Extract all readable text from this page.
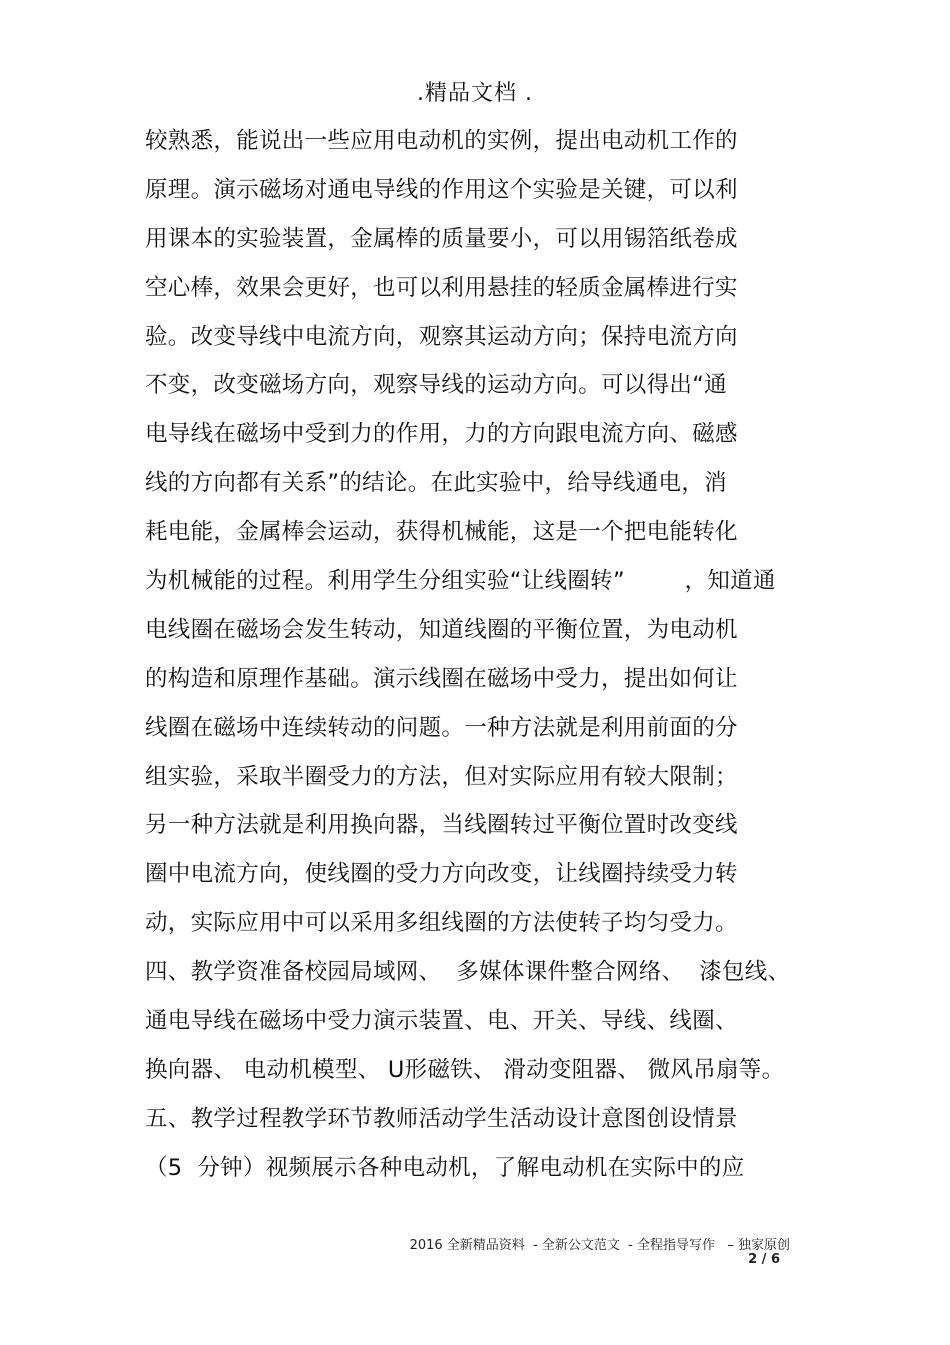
.精品文档 .
较熟悉，能说出一些应用电动机的实例，提出电动机工作的
原理。演示磁场对通电导线的作用这个实验是关键，可以利
用课本的实验装置，金属棒的质量要小，可以用锡箔纸卷成
空心棒，效果会更好，也可以利用悬挂的轻质金属棒进行实
验。改变导线中电流方向，观察其运动方向；保持电流方向
不变，改变磁场方向，观察导线的运动方向。可以得出“通
电导线在磁场中受到力的作用，力的方向跟电流方向、磁感
线的方向都有关系”的结论。在此实验中，给导线通电，消
耗电能，金属棒会运动，获得机械能，这是一个把电能转化
为机械能的过程。利用学生分组实验“让线圈转”        ，知道通
电线圈在磁场会发生转动，知道线圈的平衡位置，为电动机
的构造和原理作基础。演示线圈在磁场中受力，提出如何让
线圈在磁场中连续转动的问题。一种方法就是利用前面的分
组实验，采取半圈受力的方法，但对实际应用有较大限制；
另一种方法就是利用换向器，当线圈转过平衡位置时改变线
圈中电流方向，使线圈的受力方向改变，让线圈持续受力转
动，实际应用中可以采用多组线圈的方法使转子均匀受力。
四、教学资准备校园局域网、  多媒体课件整合网络、  漆包线、
通电导线在磁场中受力演示装置、电、开关、导线、线圈、
换向器、 电动机模型、 U形磁铁、 滑动变阻器、 微风吊扇等。
五、教学过程教学环节教师活动学生活动设计意图创设情景
（5  分钟）视频展示各种电动机，了解电动机在实际中的应
2016 全新精品资料  - 全新公文范文  - 全程指导写作   – 独家原创
2 / 6
